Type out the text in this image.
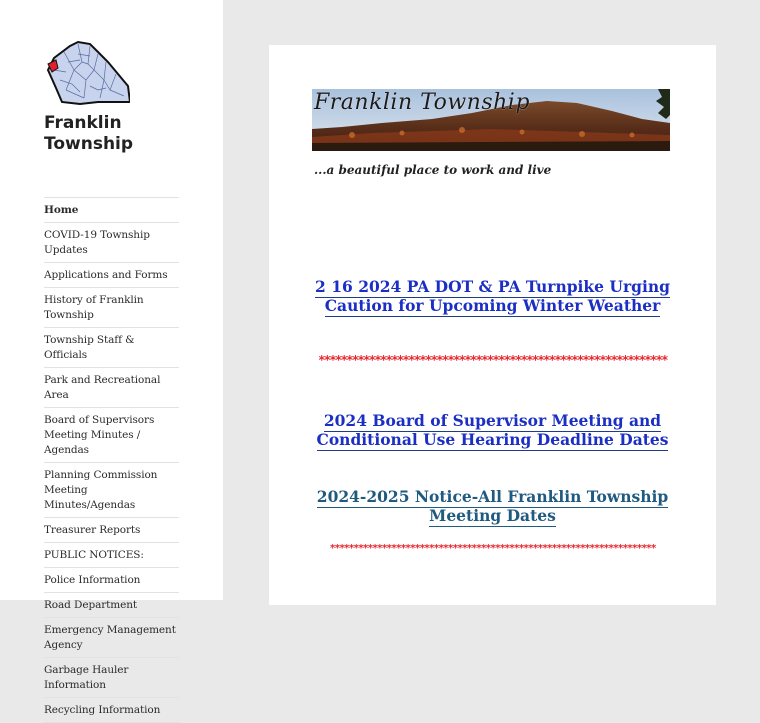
Franklin
Township
Home
COVID-19 Township Updates
Applications and Forms
History of Franklin Township
Township Staff & Officials
Park and Recreational Area
Board of Supervisors Meeting Minutes / Agendas
Planning Commission Meeting Minutes/Agendas
Treasurer Reports
PUBLIC NOTICES:
Police Information
Road Department
Emergency Management Agency
Garbage Hauler Information
Recycling Information
Franklin Township
...a beautiful place to work and live
2 16 2024 PA DOT & PA Turnpike Urging Caution for Upcoming Winter Weather
**************************************************************
2024 Board of Supervisor Meeting and Conditional Use Hearing Deadline Dates
2024-2025 Notice-All Franklin Township Meeting Dates
*********************************************************************
